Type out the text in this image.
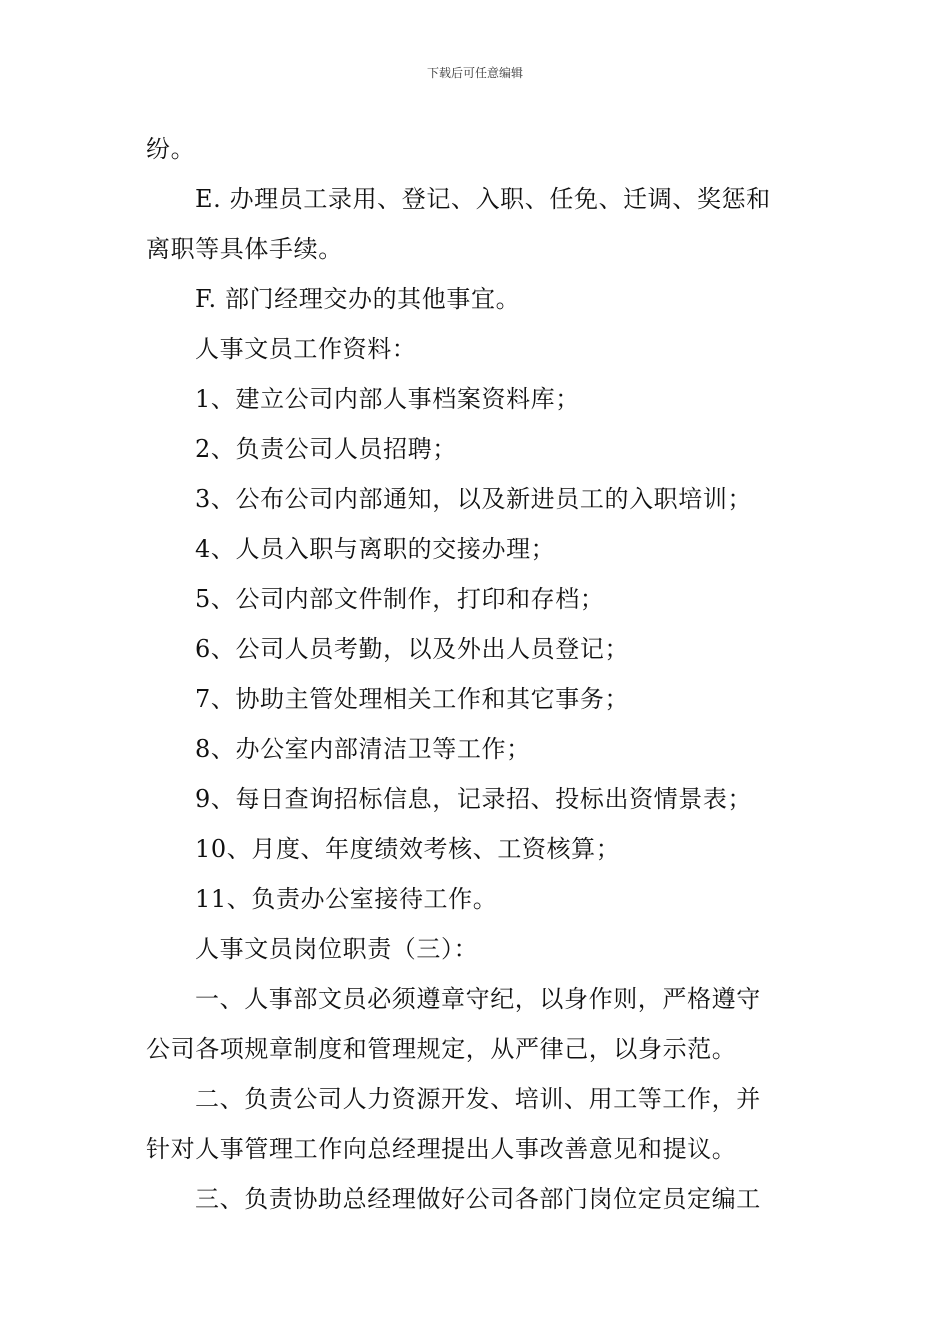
下载后可任意编辑
纷。
E. 办理员工录用、登记、入职、任免、迁调、奖惩和
离职等具体手续。
F. 部门经理交办的其他事宜。
人事文员工作资料：
1、建立公司内部人事档案资料库；
2、负责公司人员招聘；
3、公布公司内部通知，以及新进员工的入职培训；
4、人员入职与离职的交接办理；
5、公司内部文件制作，打印和存档；
6、公司人员考勤，以及外出人员登记；
7、协助主管处理相关工作和其它事务；
8、办公室内部清洁卫等工作；
9、每日查询招标信息，记录招、投标出资情景表；
10、月度、年度绩效考核、工资核算；
11、负责办公室接待工作。
人事文员岗位职责（三）：
一、人事部文员必须遵章守纪，以身作则，严格遵守
公司各项规章制度和管理规定，从严律己，以身示范。
二、负责公司人力资源开发、培训、用工等工作，并
针对人事管理工作向总经理提出人事改善意见和提议。
三、负责协助总经理做好公司各部门岗位定员定编工
